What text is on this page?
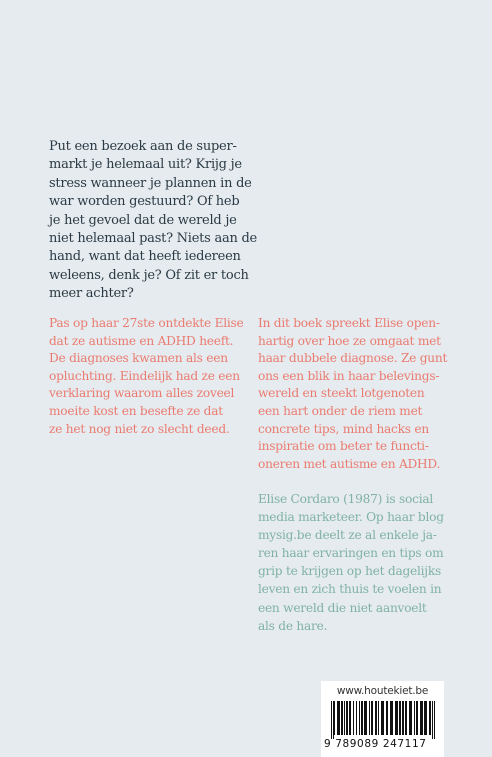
Put een bezoek aan de super-
markt je helemaal uit? Krijg je
stress wanneer je plannen in de
war worden gestuurd? Of heb
je het gevoel dat de wereld je
niet helemaal past? Niets aan de
hand, want dat heeft iedereen
weleens, denk je? Of zit er toch
meer achter?

Pas op haar 27ste ontdekte Elise
dat ze autisme en ADHD heeft.
De diagnoses kwamen als een
opluchting. Eindelijk had ze een
verklaring waarom alles zoveel
moeite kost en besefte ze dat
ze het nog niet zo slecht deed.

In dit boek spreekt Elise open-
hartig over hoe ze omgaat met
haar dubbele diagnose. Ze gunt
ons een blik in haar belevings-
wereld en steekt lotgenoten
een hart onder de riem met
concrete tips, mind hacks en
inspiratie om beter te functi-
oneren met autisme en ADHD.

Elise Cordaro (1987) is social
media marketeer. Op haar blog
mysig.be deelt ze al enkele ja-
ren haar ervaringen en tips om
grip te krijgen op het dagelijks
leven en zich thuis te voelen in
een wereld die niet aanvoelt
als de hare.

www.houtekiet.be
9 789089 247117
